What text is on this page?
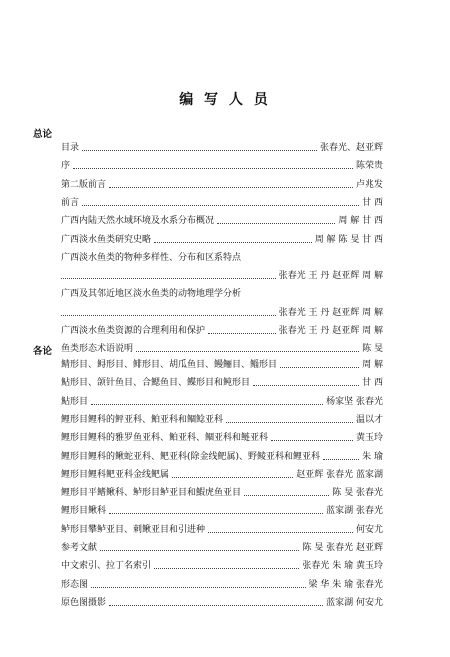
编 写 人 员
总论
目录	张春光、赵亚辉
序	陈荣贵
第二版前言	卢兆发
前言	甘 西
广西内陆天然水域环境及水系分布概况	周 解 甘 西
广西淡水鱼类研究史略	周 解 陈 旻 甘 西
广西淡水鱼类的物种多样性、分布和区系特点
张春光 王 丹 赵亚辉 周 解
广西及其邻近地区淡水鱼类的动物地理学分析
张春光 王 丹 赵亚辉 周 解
广西淡水鱼类资源的合理利用和保护	张春光 王 丹 赵亚辉 周 解
鱼类形态术语说明	陈 旻
各论
鲭形目、鲟形目、鲱形目、胡瓜鱼目、鳗鲡目、鲻形目	周 解
鲇形目、颌针鱼目、合鳃鱼目、鲽形目和鲀形目	甘 西
鲇形目	杨家坚 张春光
鲤形目鲤科的鲆亚科、鲌亚科和鲴鲶亚科	温以才
鲤形目鲤科的雅罗鱼亚科、鲌亚科、鲴亚科和鲢亚科	黄玉玲
鲤形目鲤科的鳅蛇亚科、鲃亚科(除金线鲃属)、野鲮亚科和鲤亚科	朱 瑜
鲤形目鲤科鲃亚科金线鲃属	赵亚辉 张春光 蓝家湖
鲤形目平鳍鳅科、鲈形目鲈亚目和鰕虎鱼亚目	陈 旻 张春光
鲤形目鳅科	蓝家湖 张春光
鲈形目攀鲈亚目、刺鳅亚目和引进种	何安尤
参考文献	陈 旻 张春光 赵亚辉
中文索引、拉丁名索引	张春光 朱 瑜 黄玉玲
形态图	梁 华 朱 瑜 张春光
原色图摄影	蓝家湖 何安尤
